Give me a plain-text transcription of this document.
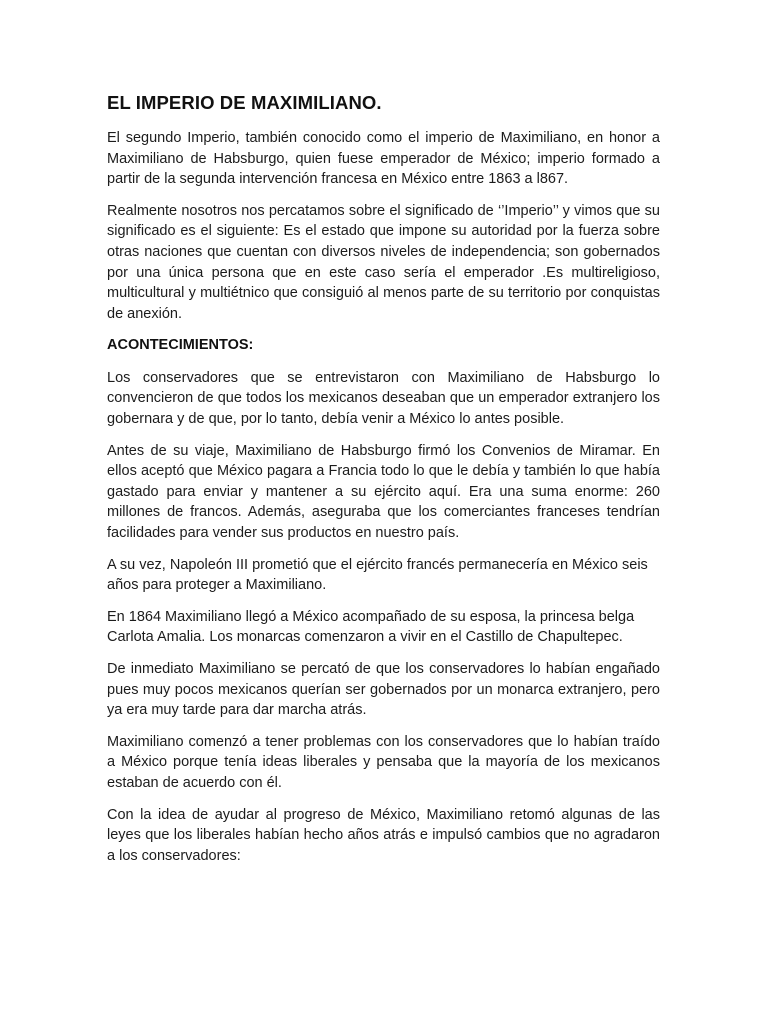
EL IMPERIO DE MAXIMILIANO.

El segundo Imperio, también conocido como el imperio de Maximiliano, en honor a Maximiliano de Habsburgo, quien fuese emperador de México; imperio formado a partir de la segunda intervención francesa en México entre 1863 a l867.

Realmente nosotros nos percatamos sobre el significado de ‘’Imperio’’ y vimos que su significado es el siguiente: Es el estado que impone su autoridad por la fuerza sobre otras naciones que cuentan con diversos niveles de independencia; son gobernados por una única persona que en este caso sería el emperador .Es multireligioso, multicultural y multiétnico que consiguió al menos parte de su territorio por conquistas de anexión.

ACONTECIMIENTOS:

Los conservadores que se entrevistaron con Maximiliano de Habsburgo lo convencieron de que todos los mexicanos deseaban que un emperador extranjero los gobernara y de que, por lo tanto, debía venir a México lo antes posible.

Antes de su viaje, Maximiliano de Habsburgo firmó los Convenios de Miramar. En ellos aceptó que México pagara a Francia todo lo que le debía y también lo que había gastado para enviar y mantener a su ejército aquí. Era una suma enorme: 260 millones de francos. Además, aseguraba que los comerciantes franceses tendrían facilidades para vender sus productos en nuestro país.

A su vez, Napoleón III prometió que el ejército francés permanecería en México seis años para proteger a Maximiliano.

En 1864 Maximiliano llegó a México acompañado de su esposa, la princesa belga Carlota Amalia. Los monarcas comenzaron a vivir en el Castillo de Chapultepec.

De inmediato Maximiliano se percató de que los conservadores lo habían engañado pues muy pocos mexicanos querían ser gobernados por un monarca extranjero, pero ya era muy tarde para dar marcha atrás.

Maximiliano comenzó a tener problemas con los conservadores que lo habían traído a México porque tenía ideas liberales y pensaba que la mayoría de los mexicanos estaban de acuerdo con él.

Con la idea de ayudar al progreso de México, Maximiliano retomó algunas de las leyes que los liberales habían hecho años atrás e impulsó cambios que no agradaron a los conservadores:
